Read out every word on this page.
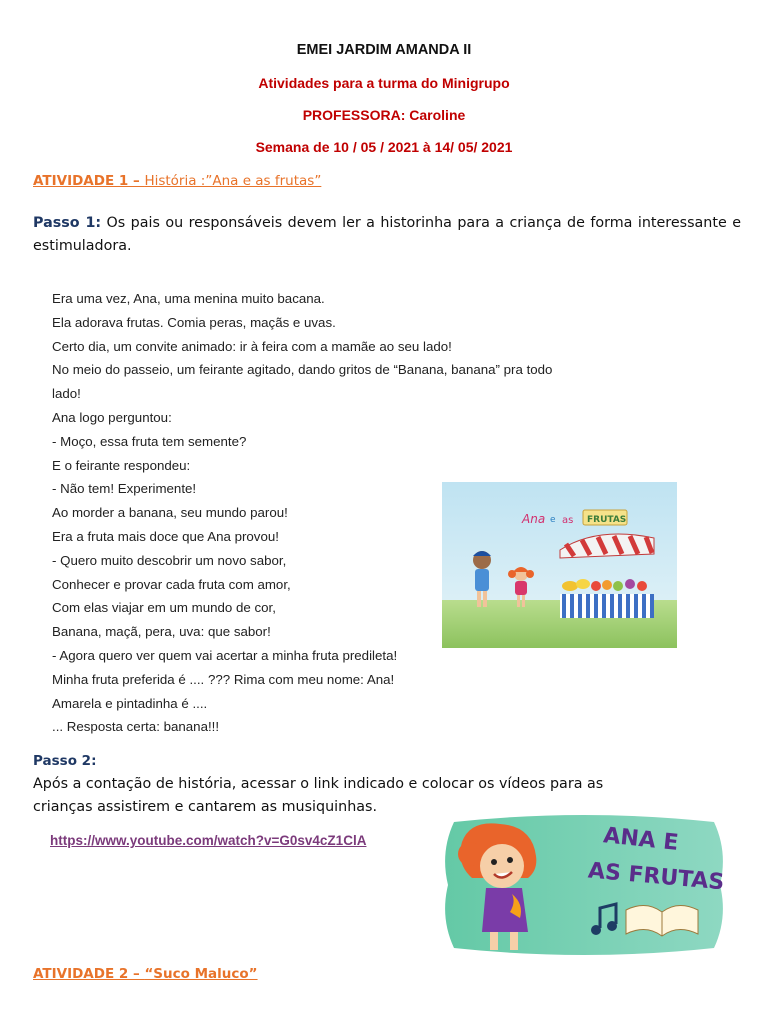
EMEI JARDIM AMANDA II
Atividades para a turma do Minigrupo
PROFESSORA: Caroline
Semana de 10 / 05 / 2021 à 14/ 05/ 2021
ATIVIDADE 1 – História :”Ana e as frutas”
Passo 1: Os pais ou responsáveis devem ler a historinha para a criança de forma interessante e estimuladora.
Era uma vez, Ana, uma menina muito bacana.
Ela adorava frutas. Comia peras, maçãs e uvas.
Certo dia, um convite animado: ir à feira com a mamãe ao seu lado!
No meio do passeio, um feirante agitado, dando gritos de “Banana, banana” pra todo
lado!
Ana logo perguntou:
- Moço, essa fruta tem semente?
E o feirante respondeu:
- Não tem! Experimente!
Ao morder a banana, seu mundo parou!
Era a fruta mais doce que Ana provou!
- Quero muito descobrir um novo sabor,
Conhecer e provar cada fruta com amor,
Com elas viajar em um mundo de cor,
Banana, maçã, pera, uva: que sabor!
- Agora quero ver quem vai acertar a minha fruta predileta!
Minha fruta preferida é .... ??? Rima com meu nome: Ana!
Amarela e pintadinha é ....
... Resposta certa: banana!!!
Ana e as FRUTAS
Passo 2:
Após a contação de história, acessar o link indicado e colocar os vídeos para as crianças assistirem e cantarem as musiquinhas.
https://www.youtube.com/watch?v=G0sv4cZ1ClA	ANA E
AS FRUTAS
ATIVIDADE 2 – “Suco Maluco”
